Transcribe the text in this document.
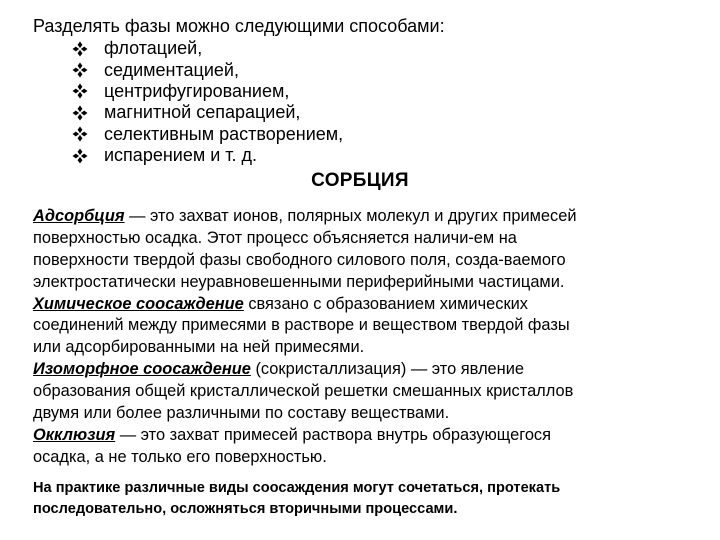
Разделять фазы можно следующими способами:
флотацией,
седиментацией,
центрифугированием,
магнитной сепарацией,
селективным растворением,
испарением и т. д.
СОРБЦИЯ
Адсорбция — это захват ионов, полярных молекул и других примесей
поверхностью осадка. Этот процесс объясняется наличи-ем на
поверхности твердой фазы свободного силового поля, созда-ваемого
электростатически неуравновешенными периферийными частицами.
Химическое соосаждение связано с образованием химических
соединений между примесями в растворе и веществом твердой фазы
или адсорбированными на ней примесями.
Изоморфное соосаждение (сокристаллизация) — это явление
образования общей кристаллической решетки смешанных кристаллов
двумя или более различными по составу веществами.
Окклюзия — это захват примесей раствора внутрь образующегося
осадка, а не только его поверхностью.
На практике различные виды соосаждения могут сочетаться, протекать
последовательно, осложняться вторичными процессами.
